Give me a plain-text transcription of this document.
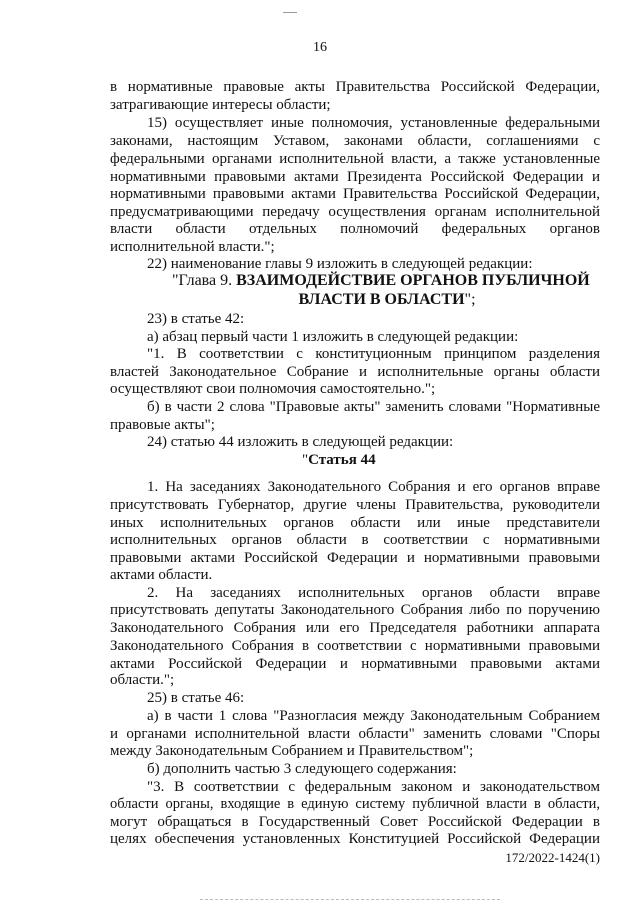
16
в нормативные правовые акты Правительства Российской Федерации,
затрагивающие интересы области;
15) осуществляет иные полномочия, установленные федеральными
законами, настоящим Уставом, законами области, соглашениями с
федеральными органами исполнительной власти, а также установленные
нормативными правовыми актами Президента Российской Федерации и
нормативными правовыми актами Правительства Российской Федерации,
предусматривающими передачу осуществления органам исполнительной
власти области отдельных полномочий федеральных органов
исполнительной власти.";
22) наименование главы 9 изложить в следующей редакции:
"Глава 9. ВЗАИМОДЕЙСТВИЕ ОРГАНОВ ПУБЛИЧНОЙ
ВЛАСТИ В ОБЛАСТИ";
23) в статье 42:
а) абзац первый части 1 изложить в следующей редакции:
"1. В соответствии с конституционным принципом разделения
властей Законодательное Собрание и исполнительные органы области
осуществляют свои полномочия самостоятельно.";
б) в части 2 слова "Правовые акты" заменить словами "Нормативные
правовые акты";
24) статью 44 изложить в следующей редакции:
"Статья 44
1. На заседаниях Законодательного Собрания и его органов вправе
присутствовать Губернатор, другие члены Правительства, руководители
иных исполнительных органов области или иные представители
исполнительных органов области в соответствии с нормативными
правовыми актами Российской Федерации и нормативными правовыми
актами области.
2. На заседаниях исполнительных органов области вправе
присутствовать депутаты Законодательного Собрания либо по поручению
Законодательного Собрания или его Председателя работники аппарата
Законодательного Собрания в соответствии с нормативными правовыми
актами Российской Федерации и нормативными правовыми актами
области.";
25) в статье 46:
а) в части 1 слова "Разногласия между Законодательным Собранием
и органами исполнительной власти области" заменить словами "Споры
между Законодательным Собранием и Правительством";
б) дополнить частью 3 следующего содержания:
"3. В соответствии с федеральным законом и законодательством
области органы, входящие в единую систему публичной власти в области,
могут обращаться в Государственный Совет Российской Федерации в
целях обеспечения установленных Конституцией Российской Федерации
172/2022-1424(1)
